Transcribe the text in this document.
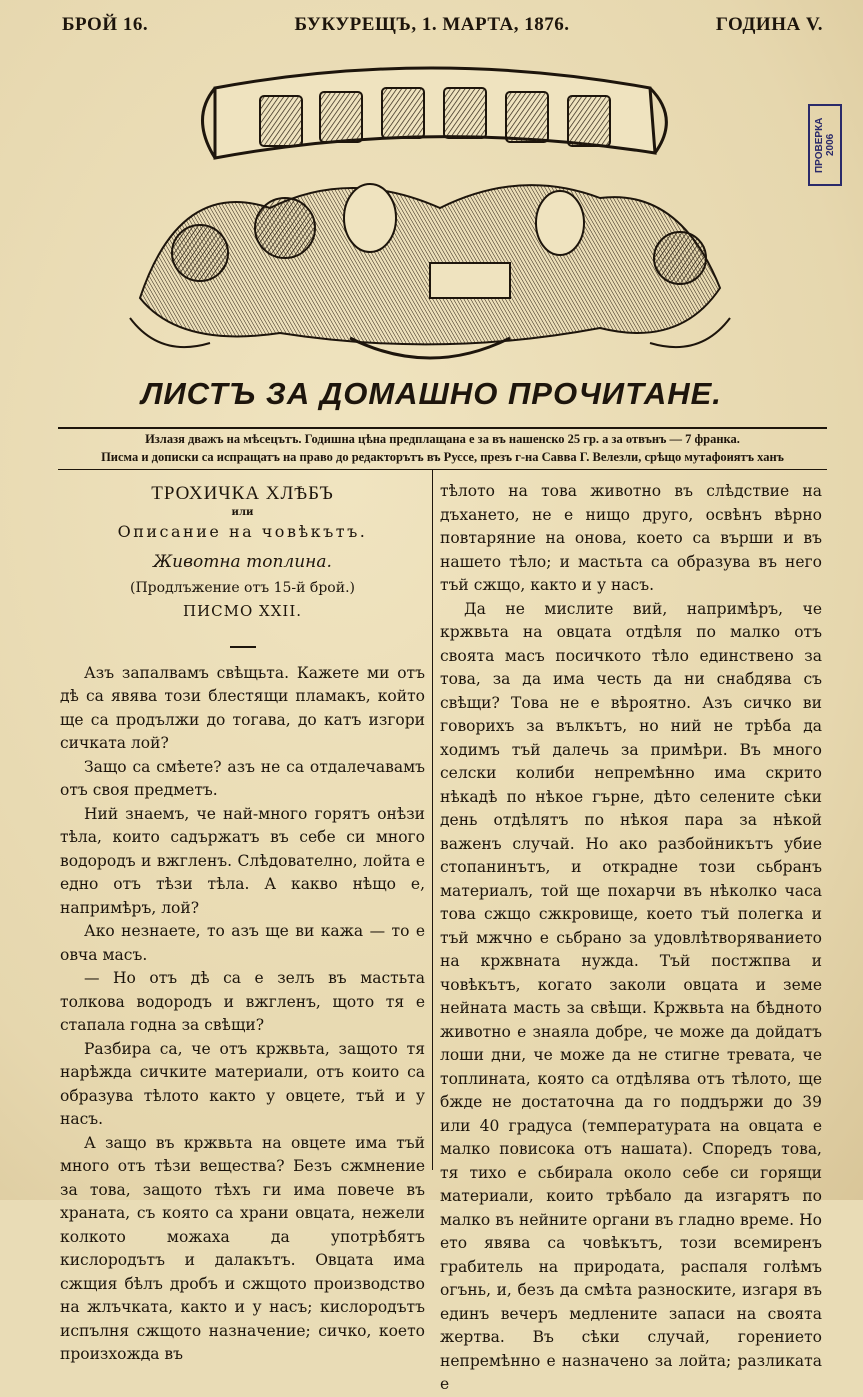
БРОЙ 16.	БУКУРЕЩЪ, 1. МАРТА, 1876.	ГОДИНА V.
ПРОВЕРКА 2006
ЛИСТЪ ЗА ДОМАШНО ПРОЧИТАНЕ.
Излазя дважъ на мѣсецътъ. Годишна цѣна предплащана е за въ нашенско 25 гр. а за отвънъ — 7 франка.
Писма и дописки са испращатъ на право до редакторътъ въ Руссе, презъ г-на Савва Г. Велезли, срѣщо мутафоиятъ ханъ
ТРОХИЧКА ХЛѢБЪ
или
Описание на човѣкътъ.
Животна топлина.
(Продлъжение отъ 15-й брой.)
ПИСМО XXII.

Азъ запалвамъ свѣщьта. Кажете ми отъ дѣ са явява този блестящи пламакъ, който ще са продължи до тогава, до катъ изгори сичката лой?

Защо са смѣете? азъ не са отдалечавамъ отъ своя предметъ.

Ний знаемъ, че най-много горятъ онѣзи тѣла, които садържатъ въ себе си много водородъ и вжгленъ. Слѣдователно, лойта е едно отъ тѣзи тѣла. А какво нѣщо е, напримѣръ, лой?

Ако незнаете, то азъ ще ви кажа — то е овча масъ.

— Но отъ дѣ са е зелъ въ мастьта толкова водородъ и вжгленъ, щото тя е стапала годна за свѣщи?

Разбира са, че отъ кржвьта, защото тя нарѣжда сичките материали, отъ които са образува тѣлото както у овцете, тъй и у насъ.

А защо въ кржвьта на овцете има тъй много отъ тѣзи вещества? Безъ сжмнение за това, защото тѣхъ ги има повече въ храната, съ която са храни овцата, нежели колкото можаха да употрѣбятъ кислородътъ и далакътъ. Овцата има сжщия бѣлъ дробъ и сжщото производство на жлъчката, както и у насъ; кислородътъ испълня сжщото назначение; сичко, което произхожда въ

тѣлото на това животно въ слѣдствие на дъхането, не е нищо друго, освѣнъ вѣрно повтаряние на онова, което са върши и въ нашето тѣло; и мастьта са образува въ него тъй сжщо, както и у насъ.

Да не мислите вий, напримѣръ, че кржвьта на овцата отдѣля по малко отъ своята масъ посичкото тѣло единствено за това, за да има честь да ни снабдява съ свѣщи? Това не е вѣроятно. Азъ сичко ви говорихъ за вълкътъ, но ний не трѣба да ходимъ тъй далечь за примѣри. Въ много селски колиби непремѣнно има скрито нѣкадѣ по нѣкое гърне, дѣто селените сѣки день отдѣлятъ по нѣкоя пара за нѣкой важенъ случай. Но ако разбойникътъ убие стопанинътъ, и открадне този сьбранъ материалъ, той ще похарчи въ нѣколко часа това сжщо сжкровище, което тъй полегка и тъй мжчно е сьбрано за удовлѣтворяванието на кржвната нужда. Тъй постжпва и човѣкътъ, когато заколи овцата и земе нейната масть за свѣщи. Кржвьта на бѣдното животно е знаяла добре, че може да дойдатъ лоши дни, че може да не стигне тревата, че топлината, която са отдѣлява отъ тѣлото, ще бжде не достаточна да го поддържи до 39 или 40 градуса (температурата на овцата е малко повисока отъ нашата). Споредъ това, тя тихо е сьбирала около себе си горящи материали, които трѣбало да изгарятъ по малко въ нейните органи въ гладно време. Но ето явява са човѣкътъ, този всемиренъ грабитель на природата, распаля голѣмъ огънь, и, безъ да смѣта разноските, изгаря въ единъ вечеръ медлените запаси на своята жертва. Въ сѣки случай, горението непремѣнно е назначено за лойта; разликата е
